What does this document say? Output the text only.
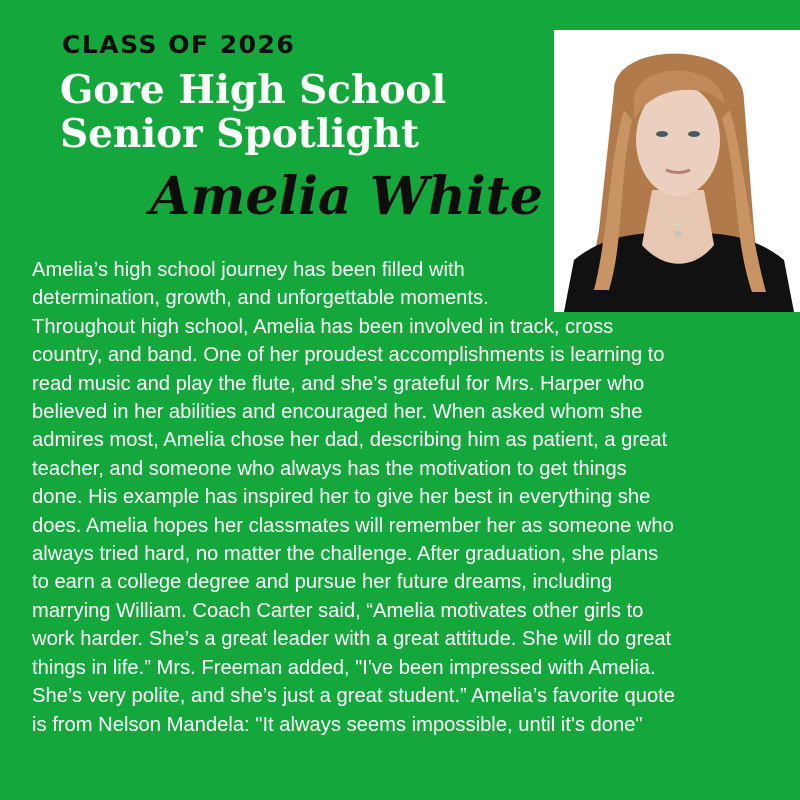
CLASS OF 2026
Gore High School
Senior Spotlight
Amelia White
Amelia’s high school journey has been filled with
determination, growth, and unforgettable moments.
Throughout high school, Amelia has been involved in track, cross
country, and band. One of her proudest accomplishments is learning to
read music and play the flute, and she’s grateful for Mrs. Harper who
believed in her abilities and encouraged her. When asked whom she
admires most, Amelia chose her dad, describing him as patient, a great
teacher, and someone who always has the motivation to get things
done. His example has inspired her to give her best in everything she
does. Amelia hopes her classmates will remember her as someone who
always tried hard, no matter the challenge. After graduation, she plans
to earn a college degree and pursue her future dreams, including
marrying William. Coach Carter said, “Amelia motivates other girls to
work harder. She’s a great leader with a great attitude. She will do great
things in life.” Mrs. Freeman added, "I've been impressed with Amelia.
She’s very polite, and she’s just a great student.” Amelia’s favorite quote
is from Nelson Mandela: "It always seems impossible, until it's done"
